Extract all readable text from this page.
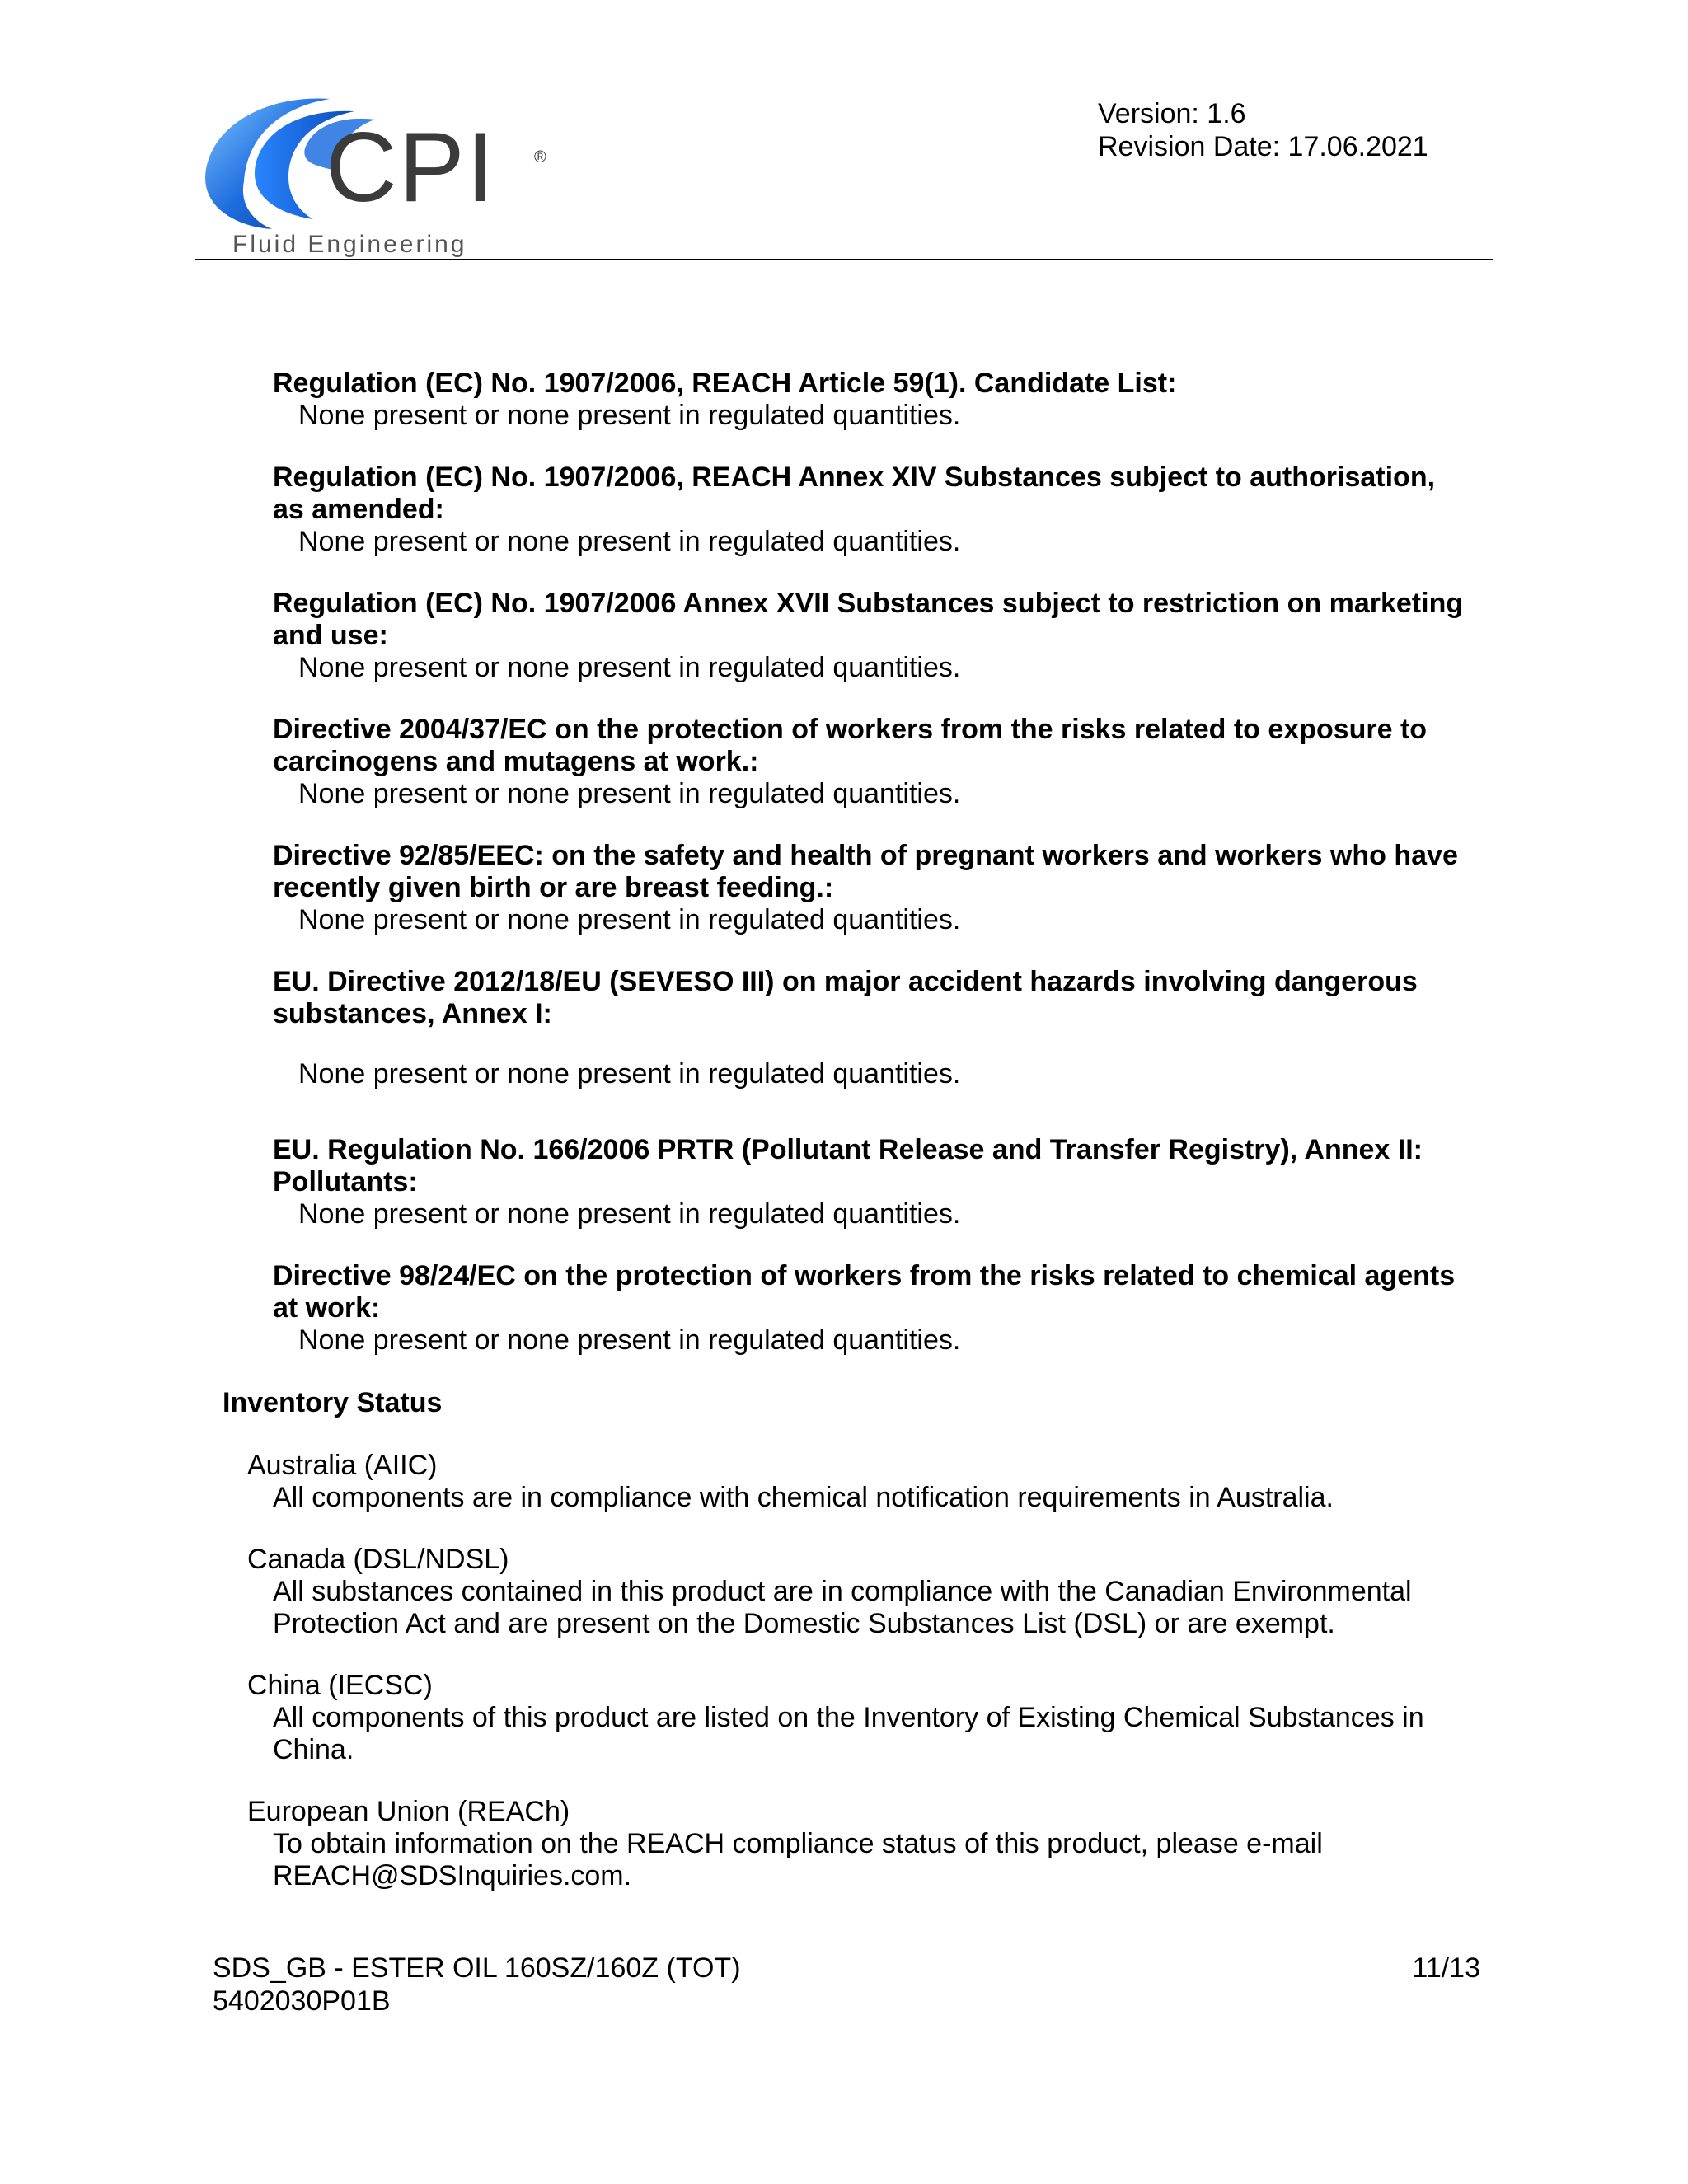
CPI ®
Fluid Engineering
Version: 1.6
Revision Date: 17.06.2021
Regulation (EC) No. 1907/2006, REACH Article 59(1). Candidate List:
None present or none present in regulated quantities.
Regulation (EC) No. 1907/2006, REACH Annex XIV Substances subject to authorisation, as amended:
None present or none present in regulated quantities.
Regulation (EC) No. 1907/2006 Annex XVII Substances subject to restriction on marketing and use:
None present or none present in regulated quantities.
Directive 2004/37/EC on the protection of workers from the risks related to exposure to carcinogens and mutagens at work.:
None present or none present in regulated quantities.
Directive 92/85/EEC: on the safety and health of pregnant workers and workers who have recently given birth or are breast feeding.:
None present or none present in regulated quantities.
EU. Directive 2012/18/EU (SEVESO III) on major accident hazards involving dangerous substances, Annex I:
None present or none present in regulated quantities.
EU. Regulation No. 166/2006 PRTR (Pollutant Release and Transfer Registry), Annex II: Pollutants:
None present or none present in regulated quantities.
Directive 98/24/EC on the protection of workers from the risks related to chemical agents at work:
None present or none present in regulated quantities.
Inventory Status
Australia (AIIC)
All components are in compliance with chemical notification requirements in Australia.
Canada (DSL/NDSL)
All substances contained in this product are in compliance with the Canadian Environmental Protection Act and are present on the Domestic Substances List (DSL) or are exempt.
China (IECSC)
All components of this product are listed on the Inventory of Existing Chemical Substances in China.
European Union (REACh)
To obtain information on the REACH compliance status of this product, please e-mail REACH@SDSInquiries.com.
SDS_GB - ESTER OIL 160SZ/160Z (TOT)
5402030P01B
11/13
